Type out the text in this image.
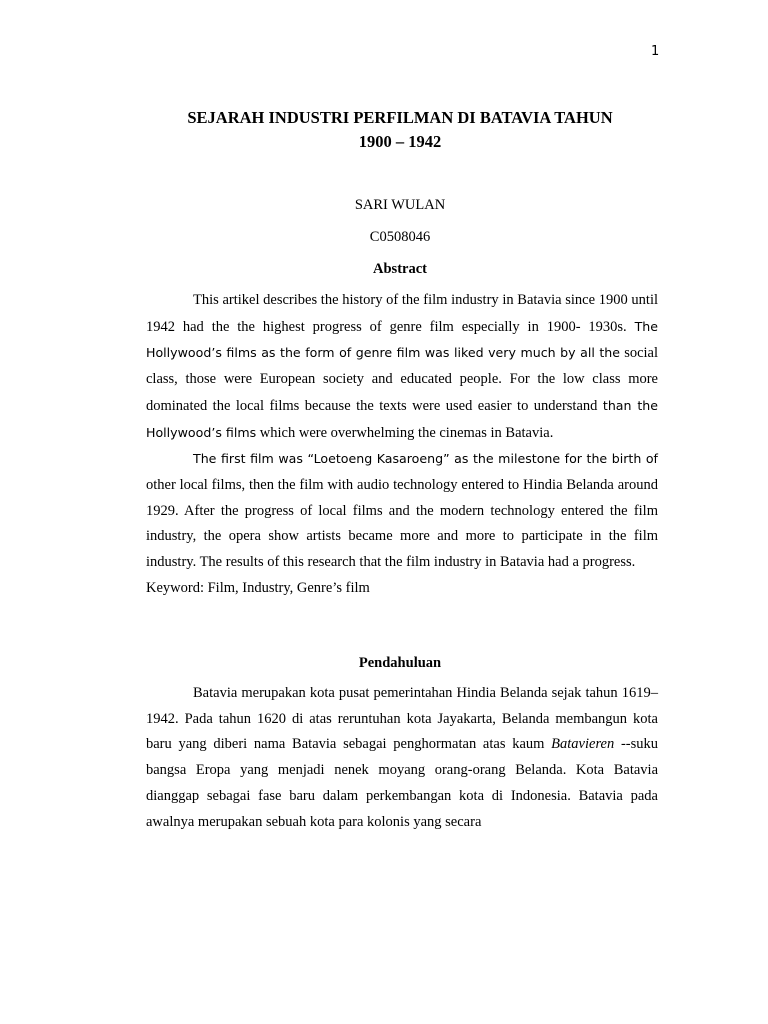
1
SEJARAH INDUSTRI PERFILMAN DI BATAVIA TAHUN
1900 – 1942
SARI WULAN
C0508046
Abstract

This artikel describes the history of the film industry in Batavia since 1900 until 1942 had the the highest progress of genre film especially in 1900- 1930s. The Hollywood’s films as the form of genre film was liked very much by all the social class, those were European society and educated people. For the low class more dominated the local films because the texts were used easier to understand than the Hollywood’s films which were overwhelming the cinemas in Batavia.

The first film was “Loetoeng Kasaroeng” as the milestone for the birth of other local films, then the film with audio technology entered to Hindia Belanda around 1929. After the progress of local films and the modern technology entered the film industry, the opera show artists became more and more to participate in the film industry. The results of this research that the film industry in Batavia had a progress.

Keyword: Film, Industry, Genre’s film

Pendahuluan

Batavia merupakan kota pusat pemerintahan Hindia Belanda sejak tahun 1619‒1942. Pada tahun 1620 di atas reruntuhan kota Jayakarta, Belanda membangun kota baru yang diberi nama Batavia sebagai penghormatan atas kaum Batavieren --suku bangsa Eropa yang menjadi nenek moyang orang-orang Belanda. Kota Batavia dianggap sebagai fase baru dalam perkembangan kota di Indonesia. Batavia pada awalnya merupakan sebuah kota para kolonis yang secara
